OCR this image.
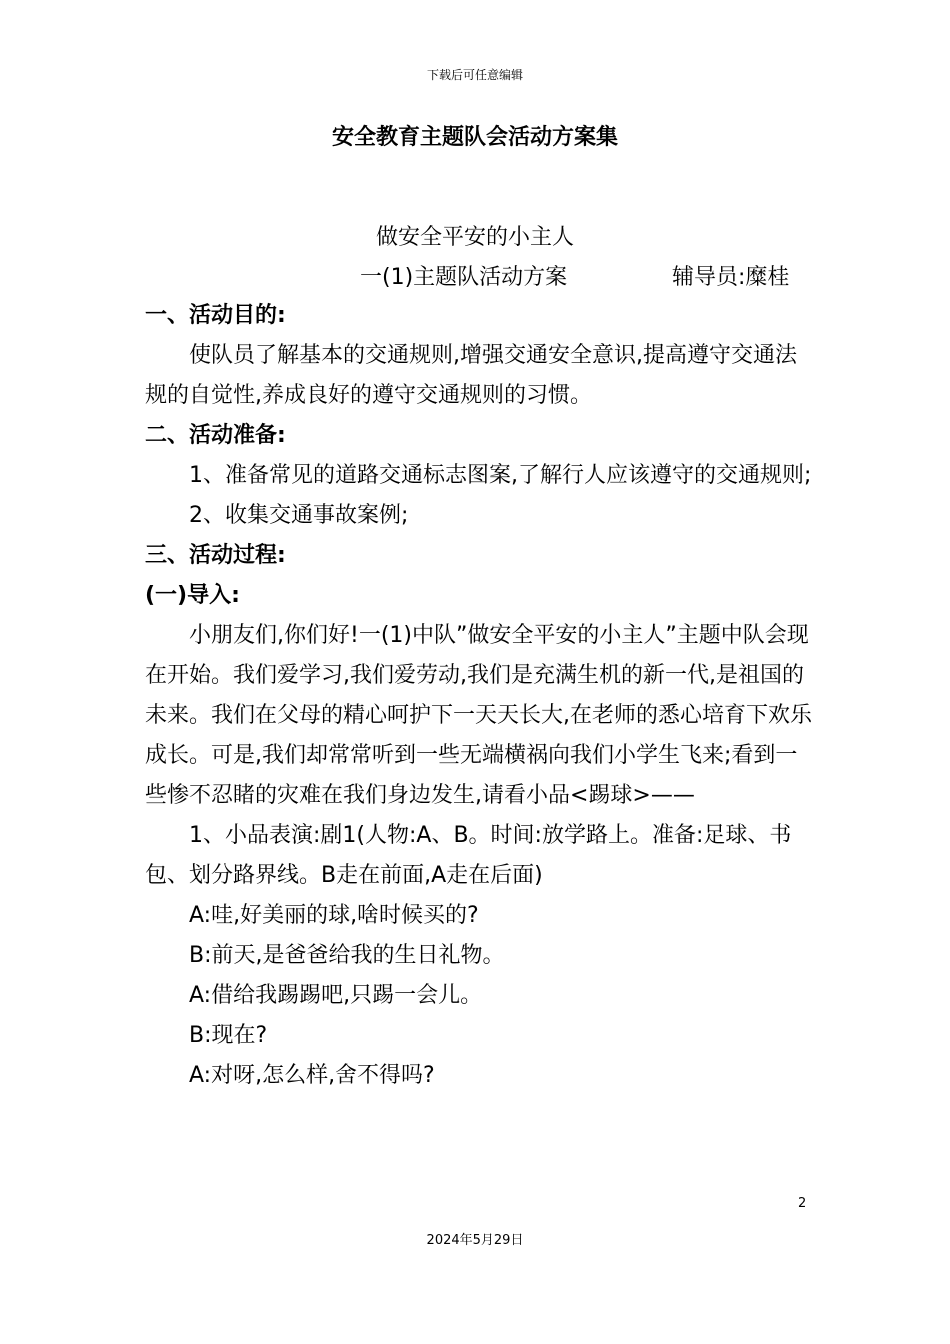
下载后可任意编辑
安全教育主题队会活动方案集
做安全平安的小主人
一(1)主题队活动方案	辅导员:糜桂

一、活动目的:

使队员了解基本的交通规则,增强交通安全意识,提高遵守交通法规的自觉性,养成良好的遵守交通规则的习惯。

二、活动准备:

1、准备常见的道路交通标志图案,了解行人应该遵守的交通规则;

2、收集交通事故案例;

三、活动过程:

(一)导入:

小朋友们,你们好!一(1)中队”做安全平安的小主人”主题中队会现在开始。我们爱学习,我们爱劳动,我们是充满生机的新一代,是祖国的未来。我们在父母的精心呵护下一天天长大,在老师的悉心培育下欢乐成长。可是,我们却常常听到一些无端横祸向我们小学生飞来;看到一些惨不忍睹的灾难在我们身边发生,请看小品<踢球>——

1、小品表演:剧1(人物:A、B。时间:放学路上。准备:足球、书包、划分路界线。B走在前面,A走在后面)

A:哇,好美丽的球,啥时候买的?

B:前天,是爸爸给我的生日礼物。

A:借给我踢踢吧,只踢一会儿。

B:现在?

A:对呀,怎么样,舍不得吗?

2
2024年5月29日
